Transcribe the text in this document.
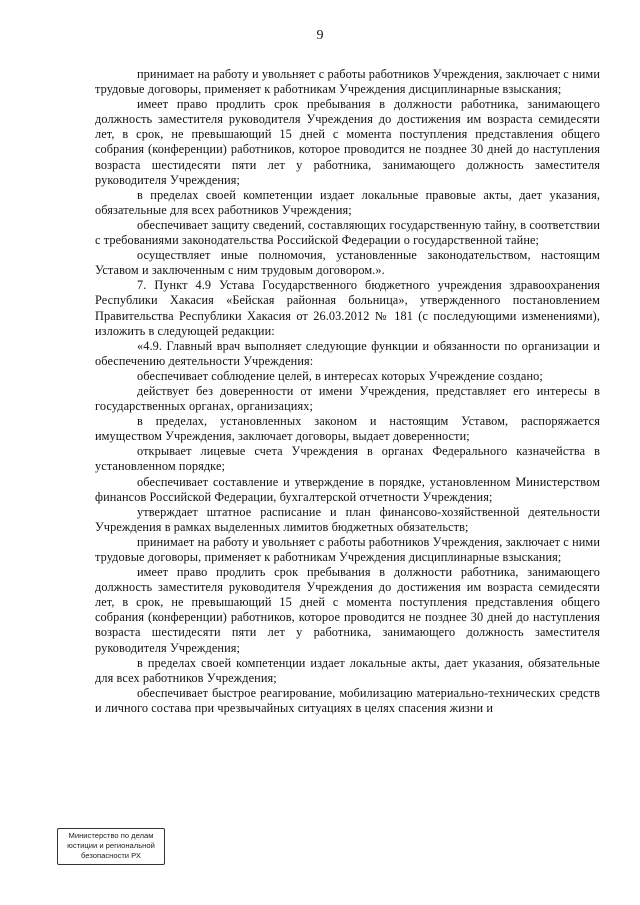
9

принимает на работу и увольняет с работы работников Учреждения, заключает с ними трудовые договоры, применяет к работникам Учреждения дисциплинарные взыскания;

имеет право продлить срок пребывания в должности работника, занимающего должность заместителя руководителя Учреждения до достижения им возраста семидесяти лет, в срок, не превышающий 15 дней с момента поступления представления общего собрания (конференции) работников, которое проводится не позднее 30 дней до наступления возраста шестидесяти пяти лет у работника, занимающего должность заместителя руководителя Учреждения;

в пределах своей компетенции издает локальные правовые акты, дает указания, обязательные для всех работников Учреждения;

обеспечивает защиту сведений, составляющих государственную тайну, в соответствии с требованиями законодательства Российской Федерации о государственной тайне;

осуществляет иные полномочия, установленные законодательством, настоящим Уставом и заключенным с ним трудовым договором.».

7. Пункт 4.9 Устава Государственного бюджетного учреждения здравоохранения Республики Хакасия «Бейская районная больница», утвержденного постановлением Правительства Республики Хакасия от 26.03.2012 № 181 (с последующими изменениями), изложить в следующей редакции:

«4.9. Главный врач выполняет следующие функции и обязанности по организации и обеспечению деятельности Учреждения:

обеспечивает соблюдение целей, в интересах которых Учреждение создано;

действует без доверенности от имени Учреждения, представляет его интересы в государственных органах, организациях;

в пределах, установленных законом и настоящим Уставом, распоряжается имуществом Учреждения, заключает договоры, выдает доверенности;

открывает лицевые счета Учреждения в органах Федерального казначейства в установленном порядке;

обеспечивает составление и утверждение в порядке, установленном Министерством финансов Российской Федерации, бухгалтерской отчетности Учреждения;

утверждает штатное расписание и план финансово-хозяйственной деятельности Учреждения в рамках выделенных лимитов бюджетных обязательств;

принимает на работу и увольняет с работы работников Учреждения, заключает с ними трудовые договоры, применяет к работникам Учреждения дисциплинарные взыскания;

имеет право продлить срок пребывания в должности работника, занимающего должность заместителя руководителя Учреждения до достижения им возраста семидесяти лет, в срок, не превышающий 15 дней с момента поступления представления общего собрания (конференции) работников, которое проводится не позднее 30 дней до наступления возраста шестидесяти пяти лет у работника, занимающего должность заместителя руководителя Учреждения;

в пределах своей компетенции издает локальные акты, дает указания, обязательные для всех работников Учреждения;

обеспечивает быстрое реагирование, мобилизацию материально-технических средств и личного состава при чрезвычайных ситуациях в целях спасения жизни и

Министерство по делам
юстиции и региональной
безопасности РХ
